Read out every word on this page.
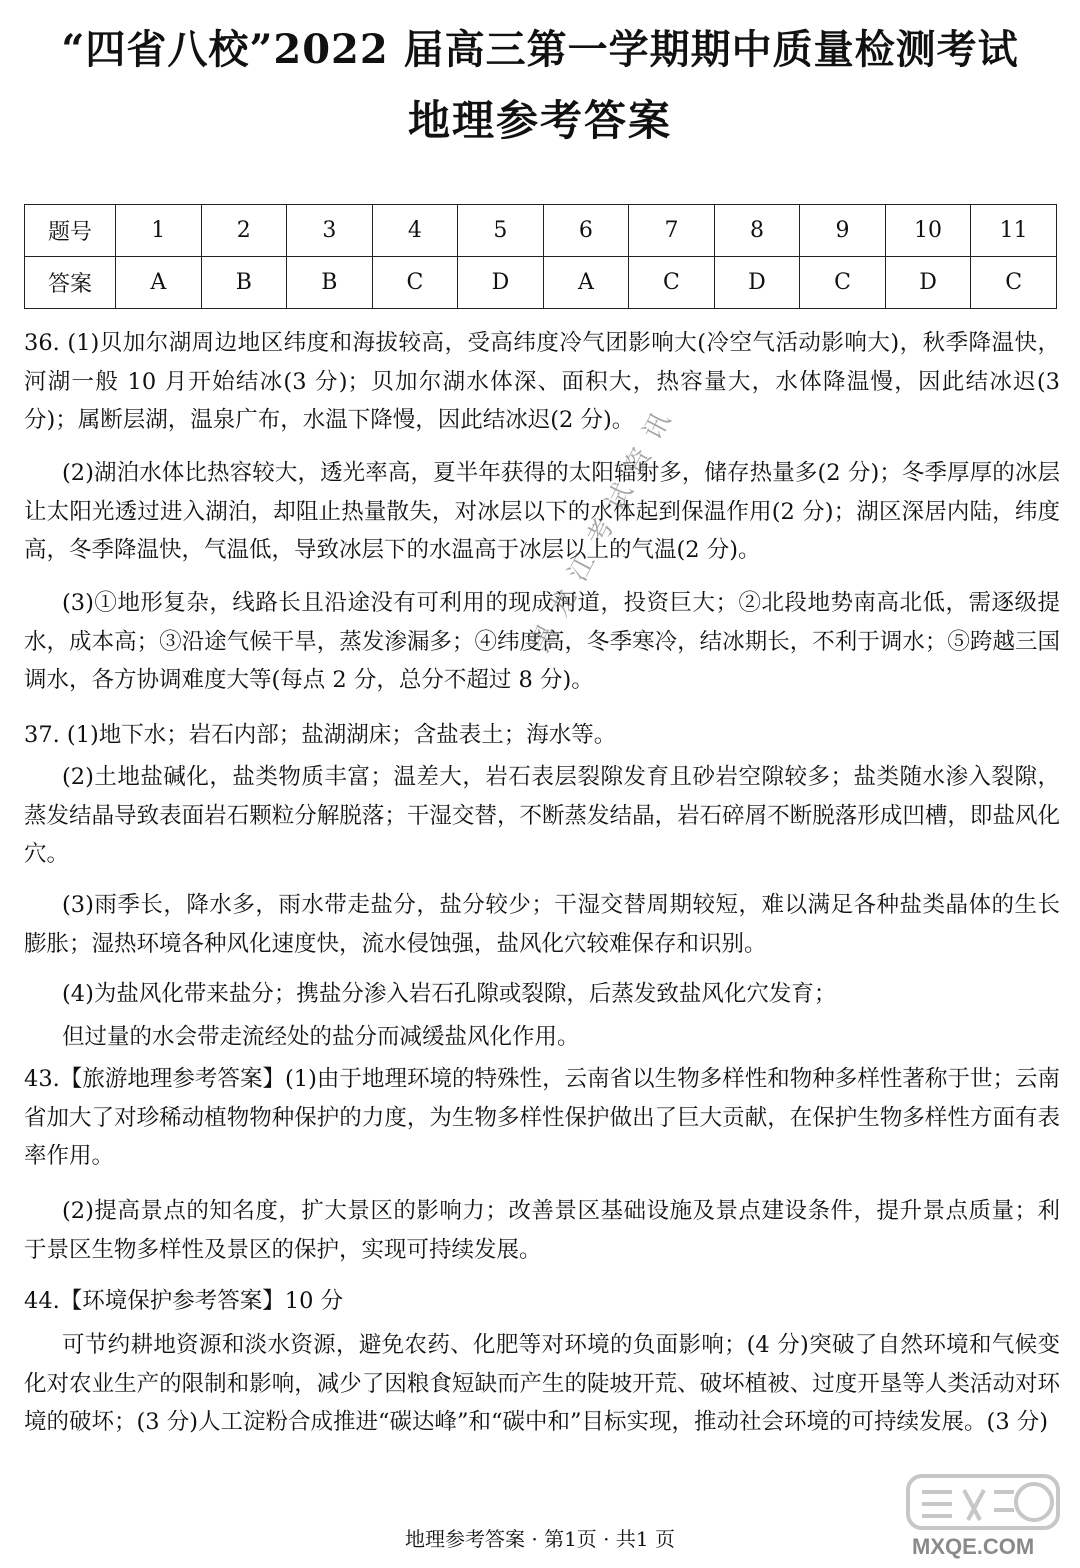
“四省八校”2022 届高三第一学期期中质量检测考试
地理参考答案
题号	1	2	3	4	5	6	7	8	9	10	11
答案	A	B	B	C	D	A	C	D	C	D	C
36. (1)贝加尔湖周边地区纬度和海拔较高，受高纬度冷气团影响大(冷空气活动影响大)，秋季降温快，河湖一般 10 月开始结冰(3 分)；贝加尔湖水体深、面积大，热容量大，水体降温慢，因此结冰迟(3 分)；属断层湖，温泉广布，水温下降慢，因此结冰迟(2 分)。
(2)湖泊水体比热容较大，透光率高，夏半年获得的太阳辐射多，储存热量多(2 分)；冬季厚厚的冰层让太阳光透过进入湖泊，却阻止热量散失，对冰层以下的水体起到保温作用(2 分)；湖区深居内陆，纬度高，冬季降温快，气温低，导致冰层下的水温高于冰层以上的气温(2 分)。
(3)①地形复杂，线路长且沿途没有可利用的现成河道，投资巨大；②北段地势南高北低，需逐级提水，成本高；③沿途气候干旱，蒸发渗漏多；④纬度高，冬季寒冷，结冰期长，不利于调水；⑤跨越三国调水，各方协调难度大等(每点 2 分，总分不超过 8 分)。
37. (1)地下水；岩石内部；盐湖湖床；含盐表土；海水等。
(2)土地盐碱化，盐类物质丰富；温差大，岩石表层裂隙发育且砂岩空隙较多；盐类随水渗入裂隙，蒸发结晶导致表面岩石颗粒分解脱落；干湿交替，不断蒸发结晶，岩石碎屑不断脱落形成凹槽，即盐风化穴。
(3)雨季长，降水多，雨水带走盐分，盐分较少；干湿交替周期较短，难以满足各种盐类晶体的生长膨胀；湿热环境各种风化速度快，流水侵蚀强，盐风化穴较难保存和识别。
(4)为盐风化带来盐分；携盐分渗入岩石孔隙或裂隙，后蒸发致盐风化穴发育；
但过量的水会带走流经处的盐分而减缓盐风化作用。
43.【旅游地理参考答案】(1)由于地理环境的特殊性，云南省以生物多样性和物种多样性著称于世；云南省加大了对珍稀动植物物种保护的力度，为生物多样性保护做出了巨大贡献，在保护生物多样性方面有表率作用。
(2)提高景点的知名度，扩大景区的影响力；改善景区基础设施及景点建设条件，提升景点质量；利于景区生物多样性及景区的保护，实现可持续发展。
44.【环境保护参考答案】10 分
可节约耕地资源和淡水资源，避免农药、化肥等对环境的负面影响；(4 分)突破了自然环境和气候变化对农业生产的限制和影响，减少了因粮食短缺而产生的陡坡开荒、破坏植被、过度开垦等人类活动对环境的破坏；(3 分)人工淀粉合成推进“碳达峰”和“碳中和”目标实现，推动社会环境的可持续发展。(3 分)
地理参考答案 · 第1页 · 共1 页
黑龙江考试资讯
MXQE.COM
